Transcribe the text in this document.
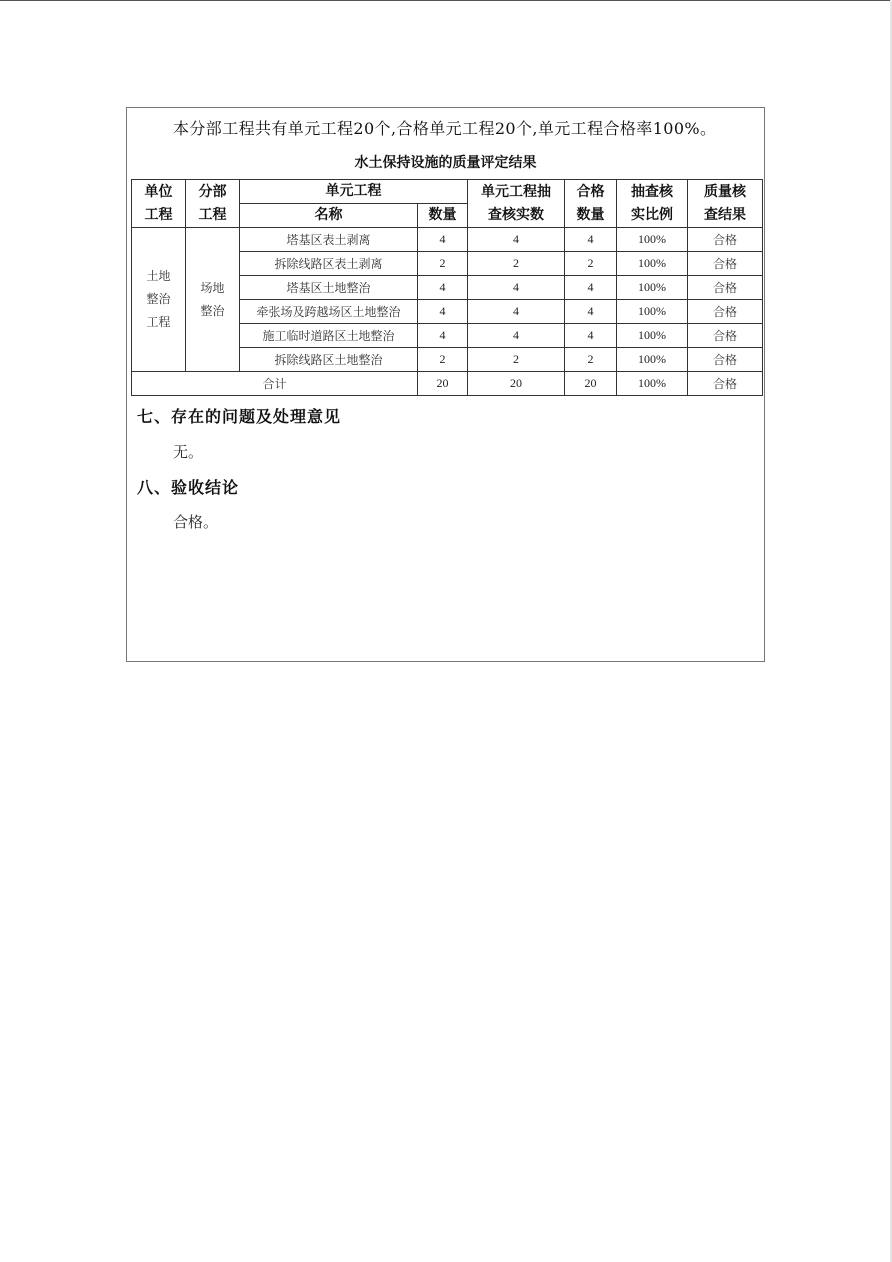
本分部工程共有单元工程20个,合格单元工程20个,单元工程合格率100%。
水土保持设施的质量评定结果
单位工程	分部工程	单元工程		单元工程抽查核实数	合格数量	抽查核实比例	质量核查结果

		名称	数量				

土地整治工程	场地整治	塔基区表土剥离	4	4	4	100%	合格
		拆除线路区表土剥离	2	2	2	100%	合格
		塔基区土地整治	4	4	4	100%	合格
		牵张场及跨越场区土地整治	4	4	4	100%	合格
		施工临时道路区土地整治	4	4	4	100%	合格
		拆除线路区土地整治	2	2	2	100%	合格
合计			20	20	20	100%	合格
七、存在的问题及处理意见
无。
八、验收结论
合格。
